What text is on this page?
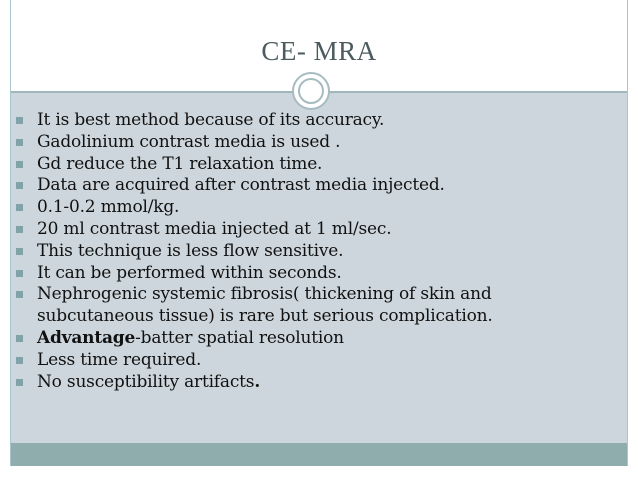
CE- MRA
It is best method because of its accuracy.
Gadolinium contrast media is used .
Gd reduce the T1 relaxation time.
Data are acquired after contrast media injected.
0.1-0.2 mmol/kg.
20 ml contrast media injected at 1 ml/sec.
This technique is less flow sensitive.
It can be performed within seconds.
Nephrogenic systemic fibrosis( thickening of skin and subcutaneous tissue) is rare but serious complication.
Advantage-batter spatial resolution
Less time required.
No susceptibility artifacts.
